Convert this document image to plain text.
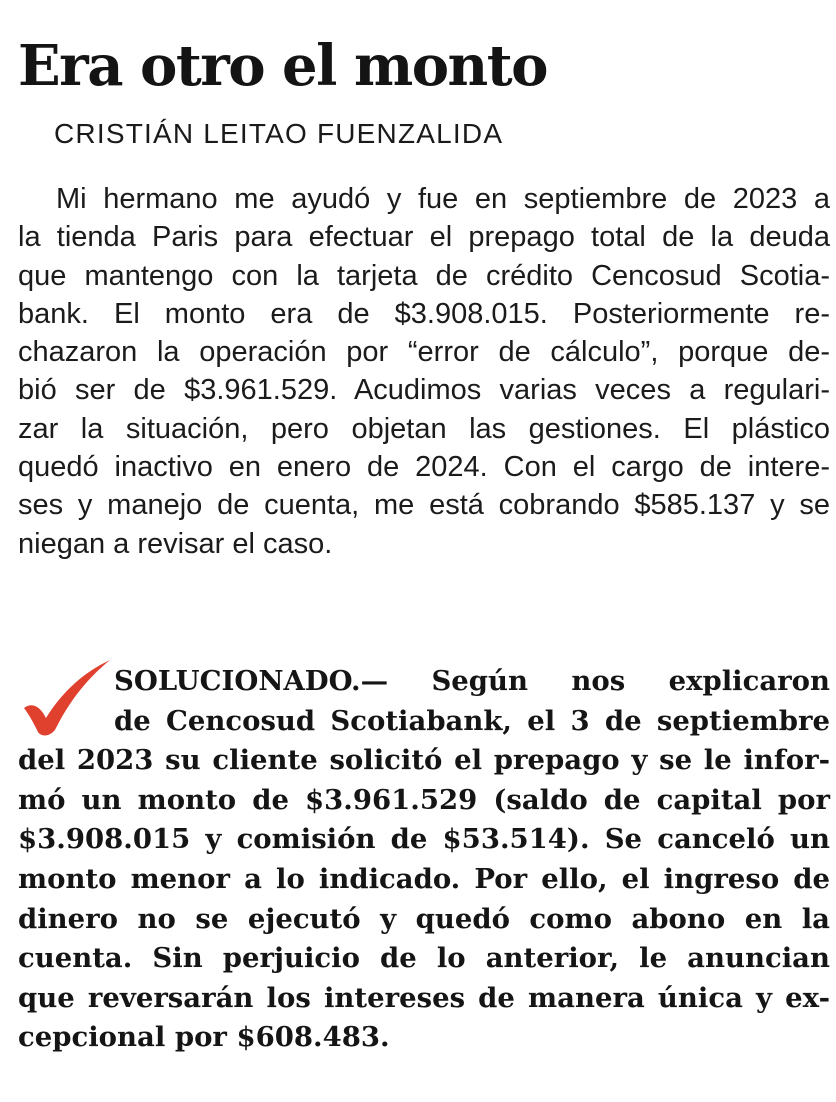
Era otro el monto
CRISTIÁN LEITAO FUENZALIDA
Mi hermano me ayudó y fue en septiembre de 2023 a
la tienda Paris para efectuar el prepago total de la deuda
que mantengo con la tarjeta de crédito Cencosud Scotia-
bank. El monto era de $3.908.015. Posteriormente re-
chazaron la operación por “error de cálculo”, porque de-
bió ser de $3.961.529. Acudimos varias veces a regulari-
zar la situación, pero objetan las gestiones. El plástico
quedó inactivo en enero de 2024. Con el cargo de intere-
ses y manejo de cuenta, me está cobrando $585.137 y se
niegan a revisar el caso.
SOLUCIONADO.— Según nos explicaron
de Cencosud Scotiabank, el 3 de septiembre
del 2023 su cliente solicitó el prepago y se le infor-
mó un monto de $3.961.529 (saldo de capital por
$3.908.015 y comisión de $53.514). Se canceló un
monto menor a lo indicado. Por ello, el ingreso de
dinero no se ejecutó y quedó como abono en la
cuenta. Sin perjuicio de lo anterior, le anuncian
que reversarán los intereses de manera única y ex-
cepcional por $608.483.
